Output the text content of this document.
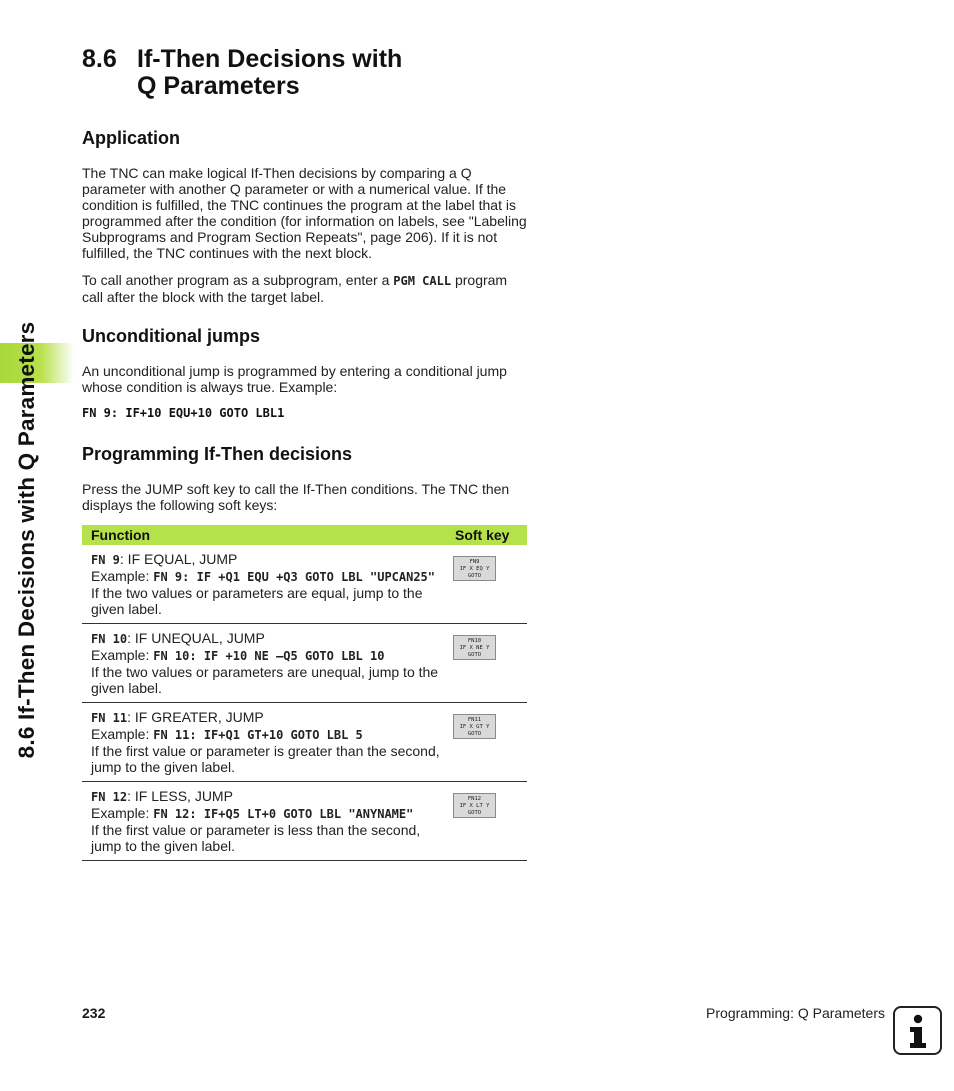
8.6 If-Then Decisions with Q Parameters
8.6 If-Then Decisions with
Q Parameters
Application

The TNC can make logical If-Then decisions by comparing a Q parameter with another Q parameter or with a numerical value. If the condition is fulfilled, the TNC continues the program at the label that is programmed after the condition (for information on labels, see "Labeling Subprograms and Program Section Repeats", page 206). If it is not fulfilled, the TNC continues with the next block.

To call another program as a subprogram, enter a PGM CALL program call after the block with the target label.

Unconditional jumps

An unconditional jump is programmed by entering a conditional jump whose condition is always true. Example:

FN 9: IF+10 EQU+10 GOTO LBL1
Programming If-Then decisions

Press the JUMP soft key to call the If-Then conditions. The TNC then displays the following soft keys:

Function	Soft key
FN 9: IF EQUAL, JUMP
Example: FN 9: IF +Q1 EQU +Q3 GOTO LBL "UPCAN25"
If the two values or parameters are equal, jump to the given label.
FN9
IF X EQ Y
GOTO
FN 10: IF UNEQUAL, JUMP
Example: FN 10: IF +10 NE –Q5 GOTO LBL 10
If the two values or parameters are unequal, jump to the given label.
FN10
IF X NE Y
GOTO
FN 11: IF GREATER, JUMP
Example: FN 11: IF+Q1 GT+10 GOTO LBL 5
If the first value or parameter is greater than the second, jump to the given label.
FN11
IF X GT Y
GOTO
FN 12: IF LESS, JUMP
Example: FN 12: IF+Q5 LT+0 GOTO LBL "ANYNAME"
If the first value or parameter is less than the second, jump to the given label.
FN12
IF X LT Y
GOTO
232	Programming: Q Parameters
